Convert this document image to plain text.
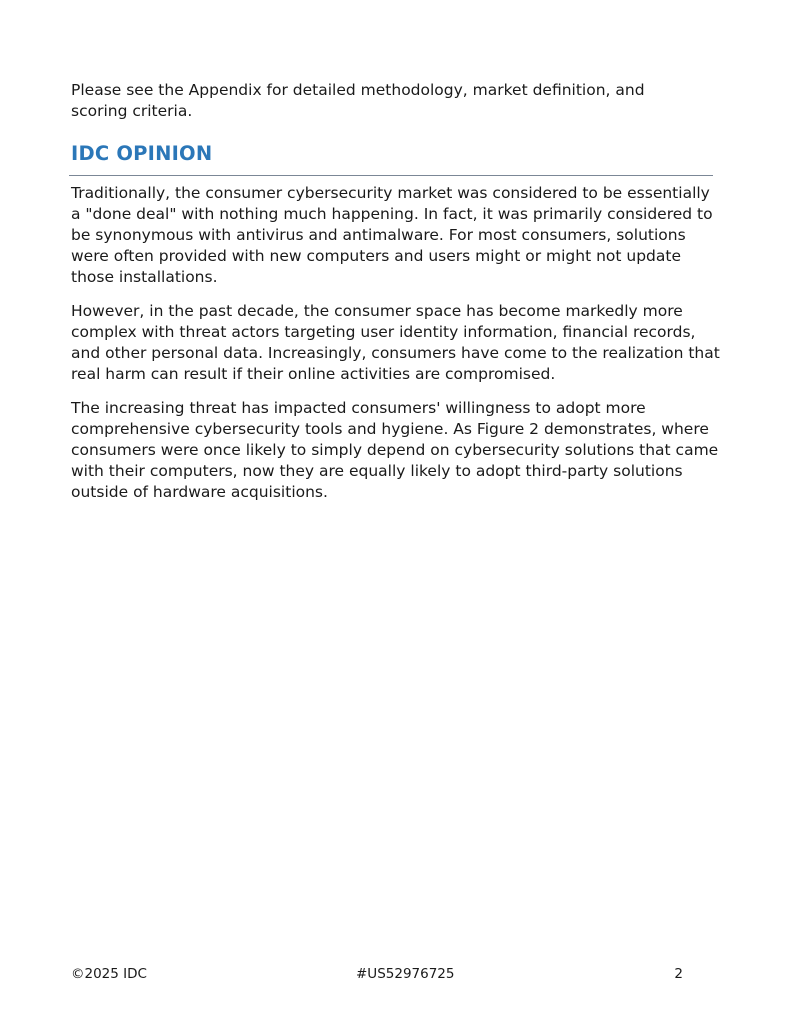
Please see the Appendix for detailed methodology, market definition, and scoring criteria.

IDC OPINION

Traditionally, the consumer cybersecurity market was considered to be essentially a "done deal" with nothing much happening. In fact, it was primarily considered to be synonymous with antivirus and antimalware. For most consumers, solutions were often provided with new computers and users might or might not update those installations.

However, in the past decade, the consumer space has become markedly more complex with threat actors targeting user identity information, financial records, and other personal data. Increasingly, consumers have come to the realization that real harm can result if their online activities are compromised.

The increasing threat has impacted consumers' willingness to adopt more comprehensive cybersecurity tools and hygiene. As Figure 2 demonstrates, where consumers were once likely to simply depend on cybersecurity solutions that came with their computers, now they are equally likely to adopt third-party solutions outside of hardware acquisitions.

©2025 IDC	#US52976725	2
